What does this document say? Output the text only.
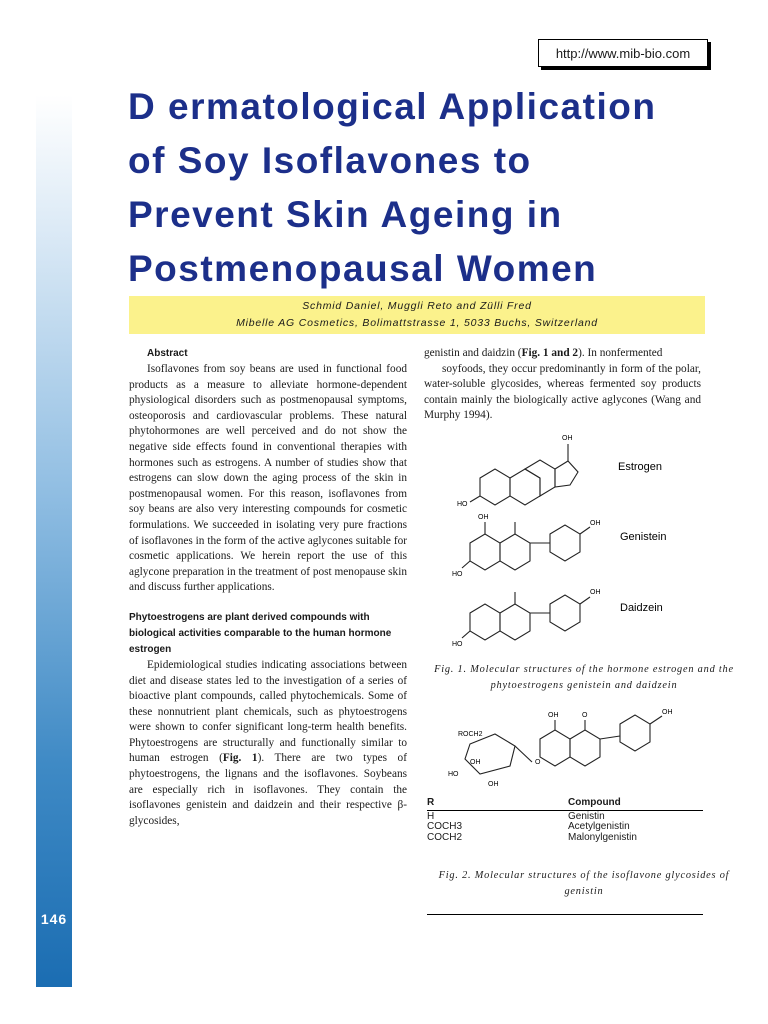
146
http://www.mib-bio.com
D ermatological Application
of Soy Isoflavones to
Prevent Skin Ageing in
Postmenopausal Women
Schmid Daniel, Muggli Reto and Zülli Fred
Mibelle AG Cosmetics, Bolimattstrasse 1, 5033 Buchs, Switzerland
Abstract

Isoflavones from soy beans are used in functional food products as a measure to alleviate hormone-dependent physiological disorders such as postmenopausal symptoms, osteoporosis and cardiovascular problems. These natural phytohormones are well perceived and do not show the negative side effects found in conventional therapies with hormones such as estrogens. A number of studies show that estrogens can slow down the aging process of the skin in postmenopausal women. For this reason, isoflavones from soy beans are also very interesting compounds for cosmetic formulations. We succeeded in isolating very pure fractions of isoflavones in the form of the active aglycones suitable for cosmetic applications. We herein report the use of this aglycone preparation in the treatment of post menopause skin and discuss further applications.

Phytoestrogens are plant derived compounds with biological activities comparable to the human hormone estrogen

Epidemiological studies indicating associations between diet and disease states led to the investigation of a series of bioactive plant compounds, called phytochemicals. Some of these nonnutrient plant chemicals, such as phytoestrogens were shown to confer significant long-term health benefits. Phytoestrogens are structurally and functionally similar to human estrogen (Fig. 1). There are two types of phytoestrogens, the lignans and the isoflavones. Soybeans are especially rich in isoflavones. They contain the isoflavones genistein and daidzein and their respective β-glycosides,

genistin and daidzin (Fig. 1 and 2). In nonfermented

soyfoods, they occur predominantly in form of the polar, water-soluble glycosides, whereas fermented soy products contain mainly the biologically active aglycones (Wang and Murphy 1994).

OH
HO
Estrogen
OH
OH
HO
Genistein
OH
HO
Daidzein
Fig. 1. Molecular structures of the hormone estrogen and the phytoestrogens genistein and daidzein
ROCH2
OH	O	OH
HO
OH
OH
O
R	Compound
H	Genistin
COCH3	Acetylgenistin
COCH2	Malonylgenistin
Fig. 2. Molecular structures of the isoflavone glycosides of genistin
